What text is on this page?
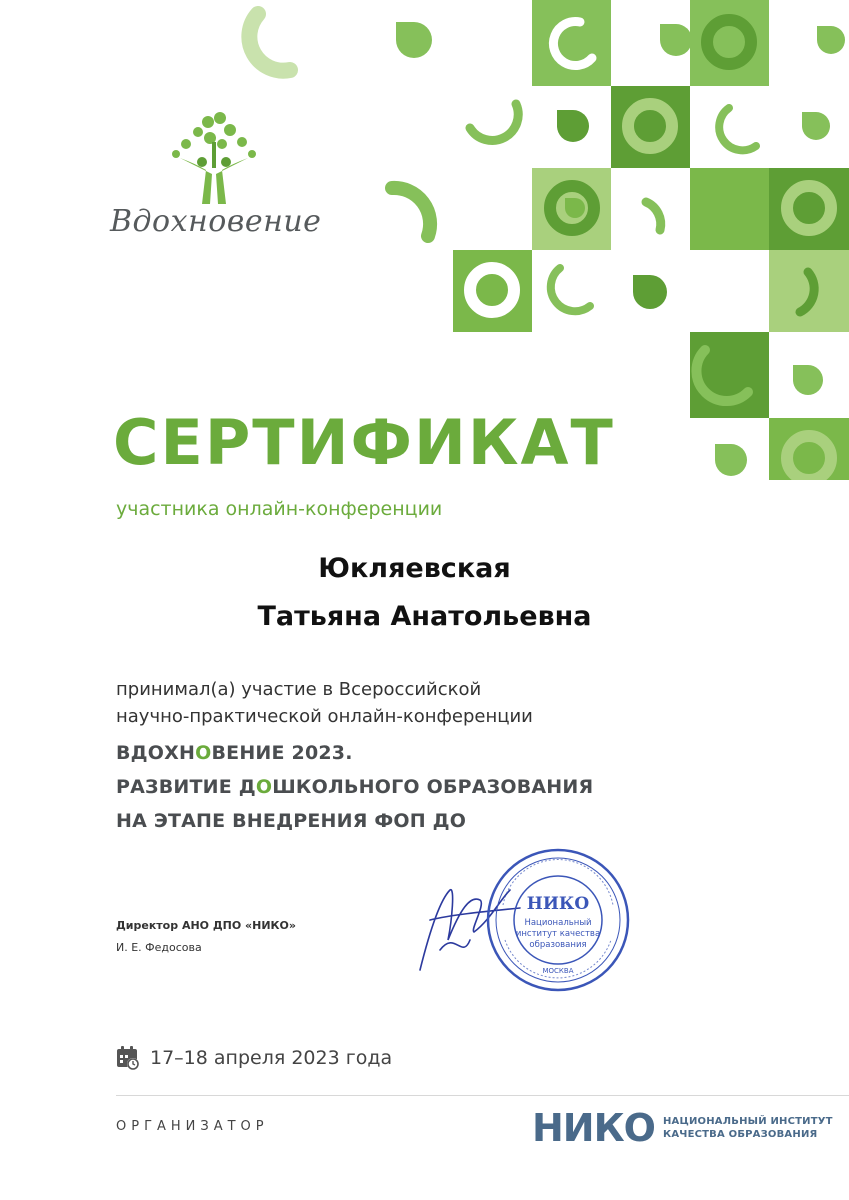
Вдохновение
СЕРТИФИКАТ
участника онлайн-конференции
Юкляевская
Татьяна Анатольевна
принимал(а) участие в Всероссийской
научно-практической онлайн-конференции
ВДОХНОВЕНИЕ 2023.
РАЗВИТИЕ ДОШКОЛЬНОГО ОБРАЗОВАНИЯ
НА ЭТАПЕ ВНЕДРЕНИЯ ФОП ДО
Директор АНО ДПО «НИКО»
И. Е. Федосова
НИКО
Национальный
институт качества
образования
МОСКВА
17–18 апреля 2023 года
ОРГАНИЗАТОР	НИКО НАЦИОНАЛЬНЫЙ ИНСТИТУТ
КАЧЕСТВА ОБРАЗОВАНИЯ
